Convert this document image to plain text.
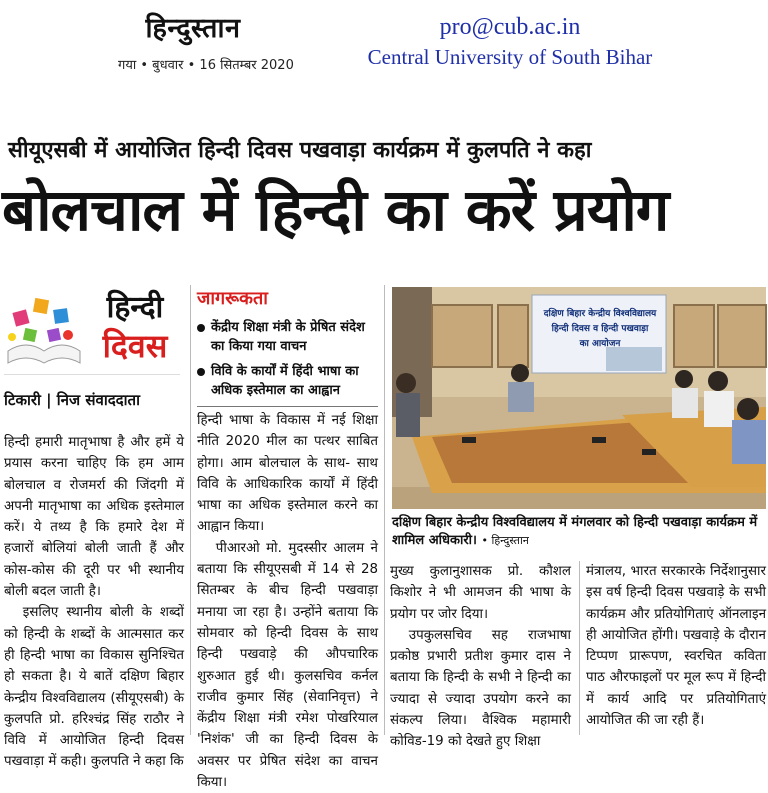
हिन्दुस्तान
गया • बुधवार • 16 सितम्बर 2020
pro@cub.ac.in
Central University of South Bihar
सीयूएसबी में आयोजित हिन्दी दिवस पखवाड़ा कार्यक्रम में कुलपति ने कहा
बोलचाल में हिन्दी का करें प्रयोग
हिन्दी
दिवस
टिकारी | निज संवाददाता
जागरूकता
केंद्रीय शिक्षा मंत्री के प्रेषित संदेश का किया गया वाचन
विवि के कार्यों में हिंदी भाषा का अधिक इस्तेमाल का आह्वान
दक्षिण बिहार केन्द्रीय विश्वविद्यालय
हिन्दी दिवस व हिन्दी पखवाड़ा
का आयोजन
दक्षिण बिहार केन्द्रीय विश्वविद्यालय में मंगलवार को हिन्दी पखवाड़ा कार्यक्रम में शामिल अधिकारी। • हिन्दुस्तान

हिन्दी हमारी मातृभाषा है और हमें ये प्रयास करना चाहिए कि हम आम बोलचाल व रोजमर्रा की जिंदगी में अपनी मातृभाषा का अधिक इस्तेमाल करें। ये तथ्य है कि हमारे देश में हजारों बोलियां बोली जाती हैं और कोस-कोस की दूरी पर भी स्थानीय बोली बदल जाती है।

इसलिए स्थानीय बोली के शब्दों को हिन्दी के शब्दों के आत्मसात कर ही हिन्दी भाषा का विकास सुनिश्चित हो सकता है। ये बातें दक्षिण बिहार केन्द्रीय विश्वविद्यालय (सीयूएसबी) के कुलपति प्रो. हरिश्चंद्र सिंह राठौर ने विवि में आयोजित हिन्दी दिवस पखवाड़ा में कही। कुलपति ने कहा कि

हिन्दी भाषा के विकास में नई शिक्षा नीति 2020 मील का पत्थर साबित होगा। आम बोलचाल के साथ- साथ विवि के आधिकारिक कार्यों में हिंदी भाषा का अधिक इस्तेमाल करने का आह्वान किया।

पीआरओ मो. मुदस्सीर आलम ने बताया कि सीयूएसबी में 14 से 28 सितम्बर के बीच हिन्दी पखवाड़ा मनाया जा रहा है। उन्होंने बताया कि सोमवार को हिन्दी दिवस के साथ हिन्दी पखवाड़े की औपचारिक शुरुआत हुई थी। कुलसचिव कर्नल राजीव कुमार सिंह (सेवानिवृत्त) ने केंद्रीय शिक्षा मंत्री रमेश पोखरियाल 'निशंक' जी का हिन्दी दिवस के अवसर पर प्रेषित संदेश का वाचन किया।

मुख्य कुलानुशासक प्रो. कौशल किशोर ने भी आमजन की भाषा के प्रयोग पर जोर दिया।

उपकुलसचिव सह राजभाषा प्रकोष्ठ प्रभारी प्रतीश कुमार दास ने बताया कि हिन्दी के सभी ने हिन्दी का ज्यादा से ज्यादा उपयोग करने का संकल्प लिया। वैश्विक महामारी कोविड-19 को देखते हुए शिक्षा

मंत्रालय, भारत सरकारके निर्देशानुसार इस वर्ष हिन्दी दिवस पखवाड़े के सभी कार्यक्रम और प्रतियोगिताएं ऑनलाइन ही आयोजित होंगी। पखवाड़े के दौरान टिप्पण प्रारूपण, स्वरचित कविता पाठ औरफाइलों पर मूल रूप में हिन्दी में कार्य आदि पर प्रतियोगिताएं आयोजित की जा रही हैं।
